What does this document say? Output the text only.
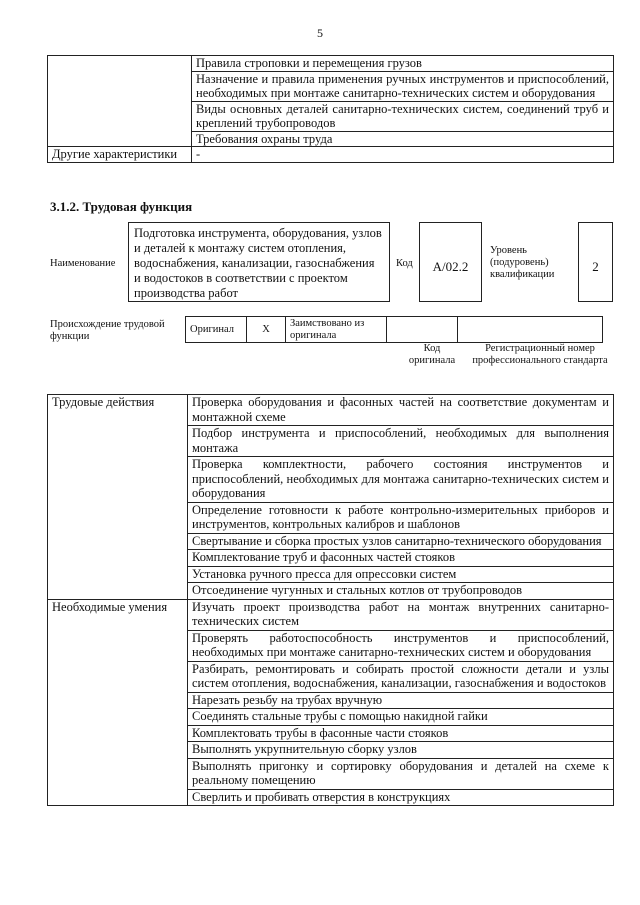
5
	Правила строповки и перемещения грузов
	Назначение и правила применения ручных инструментов и приспособлений, необходимых при монтаже санитарно-технических систем и оборудования
	Виды основных деталей санитарно-технических систем, соединений труб и креплений трубопроводов
	Требования охраны труда
Другие характеристики	-
3.1.2. Трудовая функция
Наименование
Подготовка инструмента, оборудования, узлов и деталей к монтажу систем отопления, водоснабжения, канализации, газоснабжения и водостоков в соответствии с проектом производства работ
Код	А/02.2
Уровень (подуровень) квалификации
2
Происхождение трудовой функции
Оригинал	Х	Заимствовано из оригинала		
Код оригинала
Регистрационный номер профессионального стандарта
Трудовые действия	Проверка оборудования и фасонных частей на соответствие документам и монтажной схеме
	Подбор инструмента и приспособлений, необходимых для выполнения монтажа
	Проверка комплектности, рабочего состояния инструментов и приспособлений, необходимых для монтажа санитарно-технических систем и оборудования
	Определение готовности к работе контрольно-измерительных приборов и инструментов, контрольных калибров и шаблонов
	Свертывание и сборка простых узлов санитарно-технического оборудования
	Комплектование труб и фасонных частей стояков
	Установка ручного пресса для опрессовки систем
	Отсоединение чугунных и стальных котлов от трубопроводов
Необходимые умения	Изучать проект производства работ на монтаж внутренних санитарно-технических систем
	Проверять работоспособность инструментов и приспособлений, необходимых при монтаже санитарно-технических систем и оборудования
	Разбирать, ремонтировать и собирать простой сложности детали и узлы систем отопления, водоснабжения, канализации, газоснабжения и водостоков
	Нарезать резьбу на трубах вручную
	Соединять стальные трубы с помощью накидной гайки
	Комплектовать трубы в фасонные части стояков
	Выполнять укрупнительную сборку узлов
	Выполнять пригонку и сортировку оборудования и деталей на схеме к реальному помещению
	Сверлить и пробивать отверстия в конструкциях
